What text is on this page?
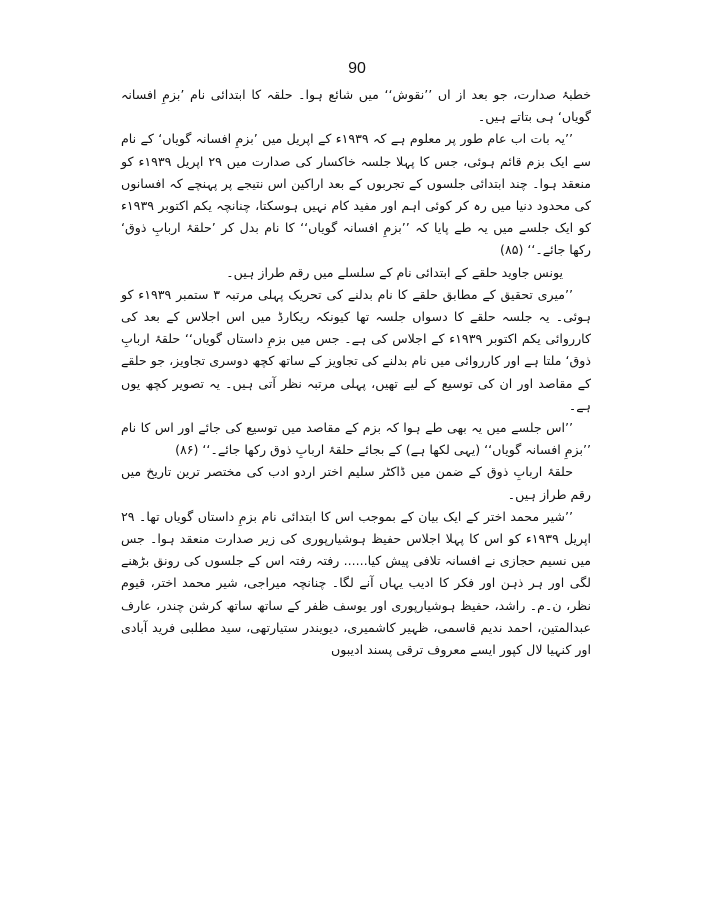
90

خطبۂ صدارت، جو بعد از اں ’’نقوش‘‘ میں شائع ہوا۔ حلقہ کا ابتدائی نام ’بزمِ افسانہ گویاں‘ ہی بتاتے ہیں۔

’’یہ بات اب عام طور پر معلوم ہے کہ ۱۹۳۹ء کے اپریل میں ’بزمِ افسانہ گویاں‘ کے نام سے ایک بزم قائم ہوئی، جس کا پہلا جلسہ خاکسار کی صدارت میں ۲۹ اپریل ۱۹۳۹ء کو منعقد ہوا۔ چند ابتدائی جلسوں کے تجربوں کے بعد اراکین اس نتیجے پر پہنچے کہ افسانوں کی محدود دنیا میں رہ کر کوئی اہم اور مفید کام نہیں ہوسکتا، چنانچہ یکم اکتوبر ۱۹۳۹ء کو ایک جلسے میں یہ طے پایا کہ ’’بزمِ افسانہ گویاں‘‘ کا نام بدل کر ’حلقۂ اربابِ ذوق‘ رکھا جائے۔‘‘ (۸۵)

یونس جاوید حلقے کے ابتدائی نام کے سلسلے میں رقم طراز ہیں۔

’’میری تحقیق کے مطابق حلقے کا نام بدلنے کی تحریک پہلی مرتبہ ۳ ستمبر ۱۹۳۹ء کو ہوئی۔ یہ جلسہ حلقے کا دسواں جلسہ تھا کیونکہ ریکارڈ میں اس اجلاس کے بعد کی کارروائی یکم اکتوبر ۱۹۳۹ء کے اجلاس کی ہے۔ جس میں بزمِ داستاں گویاں‘‘ حلقۂ اربابِ ذوق‘ ملتا ہے اور کارروائی میں نام بدلنے کی تجاویز کے ساتھ کچھ دوسری تجاویز، جو حلقے کے مقاصد اور ان کی توسیع کے لیے تھیں، پہلی مرتبہ نظر آتی ہیں۔ یہ تصویر کچھ یوں ہے۔

’’اس جلسے میں یہ بھی طے ہوا کہ بزم کے مقاصد میں توسیع کی جائے اور اس کا نام ’’بزمِ افسانہ گویاں‘‘ (یہی لکھا ہے) کے بجائے حلقۂ اربابِ ذوق رکھا جائے۔‘‘ (۸۶)

حلقۂ اربابِ ذوق کے ضمن میں ڈاکٹر سلیم اختر اردو ادب کی مختصر ترین تاریخ میں رقم طراز ہیں۔

’’شیر محمد اختر کے ایک بیان کے بموجب اس کا ابتدائی نام بزمِ داستاں گویاں تھا۔ ۲۹ اپریل ۱۹۳۹ء کو اس کا پہلا اجلاس حفیظ ہوشیارپوری کی زیر صدارت منعقد ہوا۔ جس میں نسیم حجازی نے افسانہ تلافی پیش کیا...... رفتہ رفتہ اس کے جلسوں کی رونق بڑھنے لگی اور ہر ذہن اور فکر کا ادیب یہاں آنے لگا۔ چنانچہ میراجی، شیر محمد اختر، قیوم نظر، ن۔م۔ راشد، حفیظ ہوشیارپوری اور یوسف ظفر کے ساتھ ساتھ کرشن چندر، عارف عبدالمتین، احمد ندیم قاسمی، ظہیر کاشمیری، دیویندر ستیارتھی، سید مطلبی فرید آبادی اور کنہیا لال کپور ایسے معروف ترقی پسند ادیبوں
